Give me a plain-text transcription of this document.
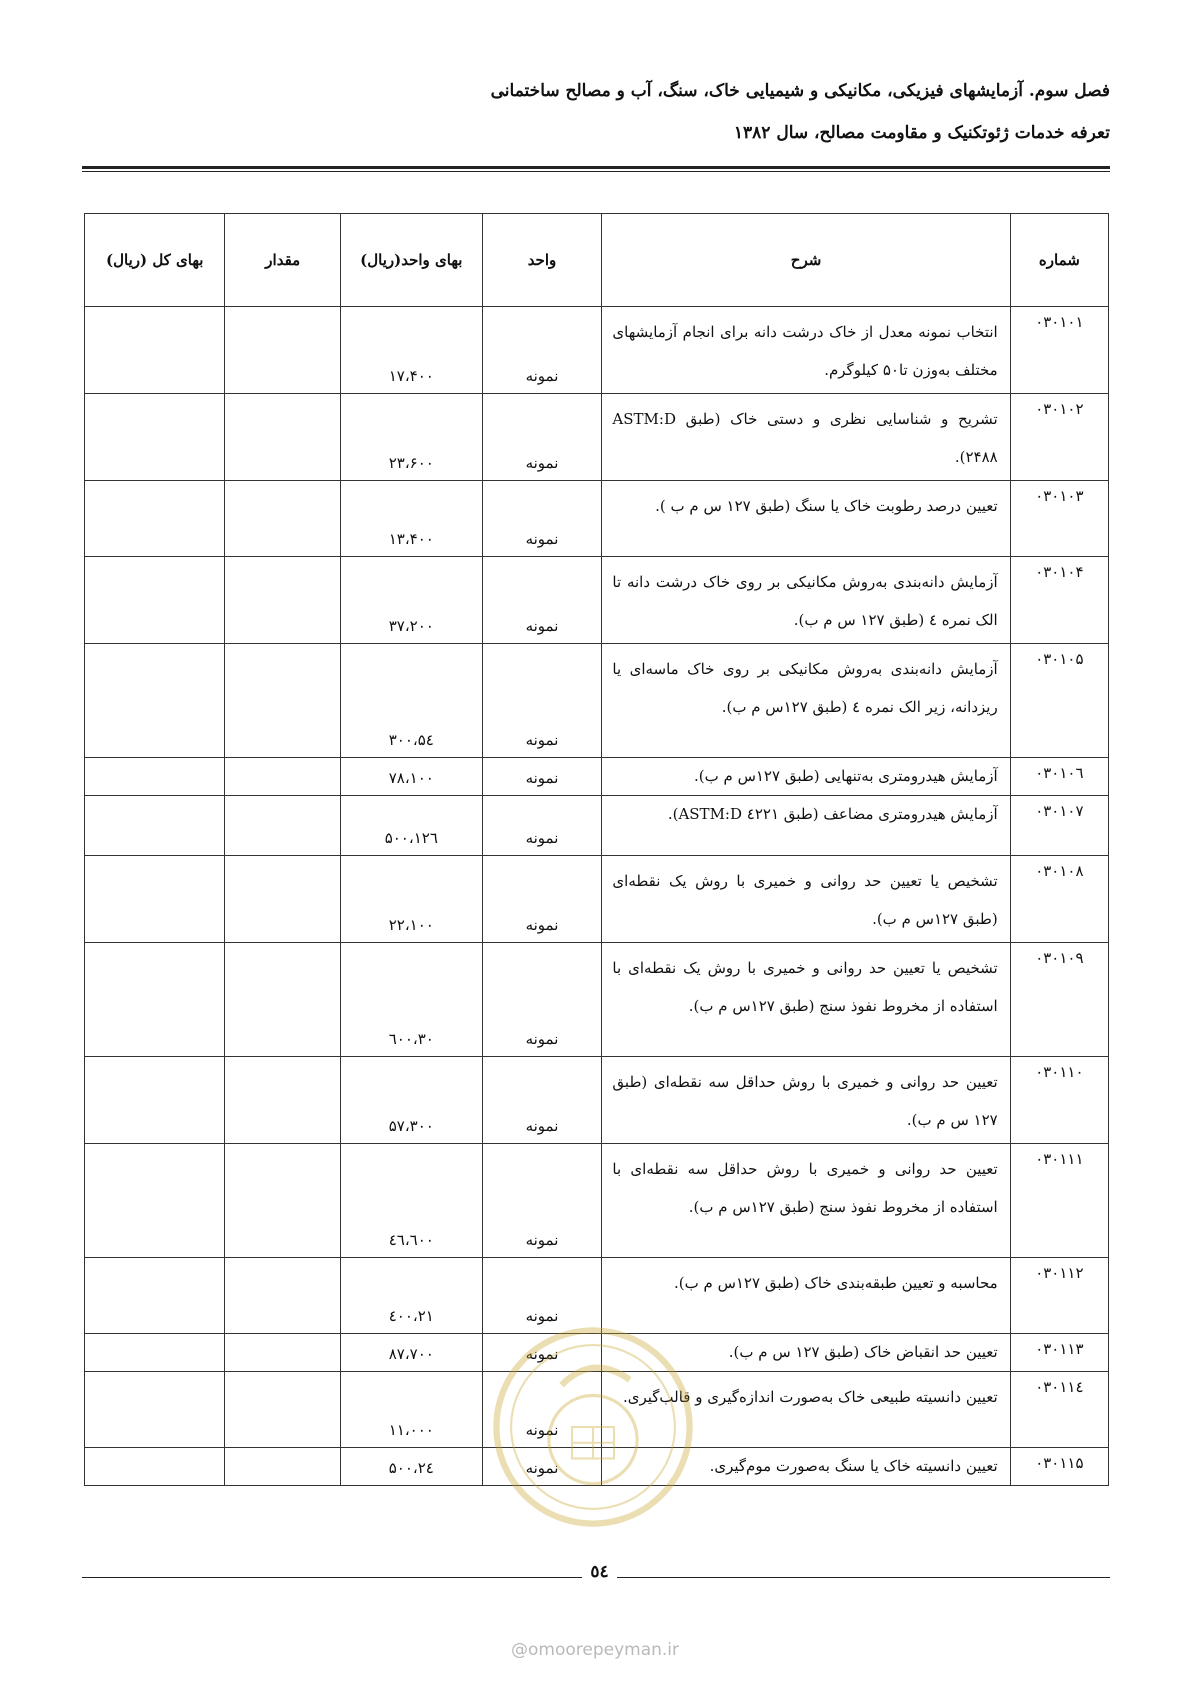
فصل سوم. آزمایشهای فیزیکی، مکانیکی و شیمیایی خاک، سنگ، آب و مصالح ساختمانی
تعرفه خدمات ژئوتکنیک و مقاومت مصالح، سال ۱۳۸۲
شماره	شرح	واحد	بهای واحد(ریال)	مقدار	بهای کل (ریال)
۰۳۰۱۰۱	انتخاب نمونه معدل از خاک درشت دانه برای انجام آزمایشهای مختلف به‌وزن تا۵۰ کیلوگرم.	نمونه	۱۷،۴۰۰		
۰۳۰۱۰۲	تشریح و شناسایی نظری و دستی خاک (طبق ASTM:D ۲۴۸۸).	نمونه	۲۳،۶۰۰		
۰۳۰۱۰۳	تعیین درصد رطوبت خاک یا سنگ (طبق ۱۲۷ س م ب ).	نمونه	۱۳،۴۰۰		
۰۳۰۱۰۴	آزمایش دانه‌بندی به‌روش مکانیکی بر روی خاک درشت دانه تا الک نمره ٤ (طبق ۱۲۷ س م ب).	نمونه	۳۷،۲۰۰		
۰۳۰۱۰۵	آزمایش دانه‌بندی به‌روش مکانیکی بر روی خاک ماسه‌ای یا ریزدانه، زیر الک نمره ٤ (طبق ۱۲۷س م ب).	نمونه	۵٤،۳۰۰		
۰۳۰۱۰٦	آزمایش هیدرومتری به‌تنهایی (طبق ۱۲۷س م ب).	نمونه	۷۸،۱۰۰		
۰۳۰۱۰۷	آزمایش هیدرومتری مضاعف (طبق ٤۲۲۱ ASTM:D).	نمونه	۱۲٦،۵۰۰		
۰۳۰۱۰۸	تشخیص یا تعیین حد روانی و خمیری با روش یک نقطه‌ای (طبق ۱۲۷س م ب).	نمونه	۲۲،۱۰۰		
۰۳۰۱۰۹	تشخیص یا تعیین حد روانی و خمیری با روش یک نقطه‌ای با استفاده از مخروط نفوذ سنج (طبق ۱۲۷س م ب).	نمونه	۳۰،٦۰۰		
۰۳۰۱۱۰	تعیین حد روانی و خمیری با روش حداقل سه نقطه‌ای (طبق ۱۲۷ س م ب).	نمونه	۵۷،۳۰۰		
۰۳۰۱۱۱	تعیین حد روانی و خمیری با روش حداقل سه نقطه‌ای با استفاده از مخروط نفوذ سنج (طبق ۱۲۷س م ب).	نمونه	٤٦،٦۰۰		
۰۳۰۱۱۲	محاسبه و تعیین طبقه‌بندی خاک (طبق ۱۲۷س م ب).	نمونه	۲۱،٤۰۰		
۰۳۰۱۱۳	تعیین حد انقباض خاک (طبق ۱۲۷ س م ب).	نمونه	۸۷،۷۰۰		
۰۳۰۱۱٤	تعیین دانسیته طبیعی خاک به‌صورت اندازه‌گیری و قالب‌گیری.	نمونه	۱۱،۰۰۰		
۰۳۰۱۱۵	تعیین دانسیته خاک یا سنگ به‌صورت موم‌گیری.	نمونه	۲٤،۵۰۰		
٥٤
@omoorepeyman.ir
